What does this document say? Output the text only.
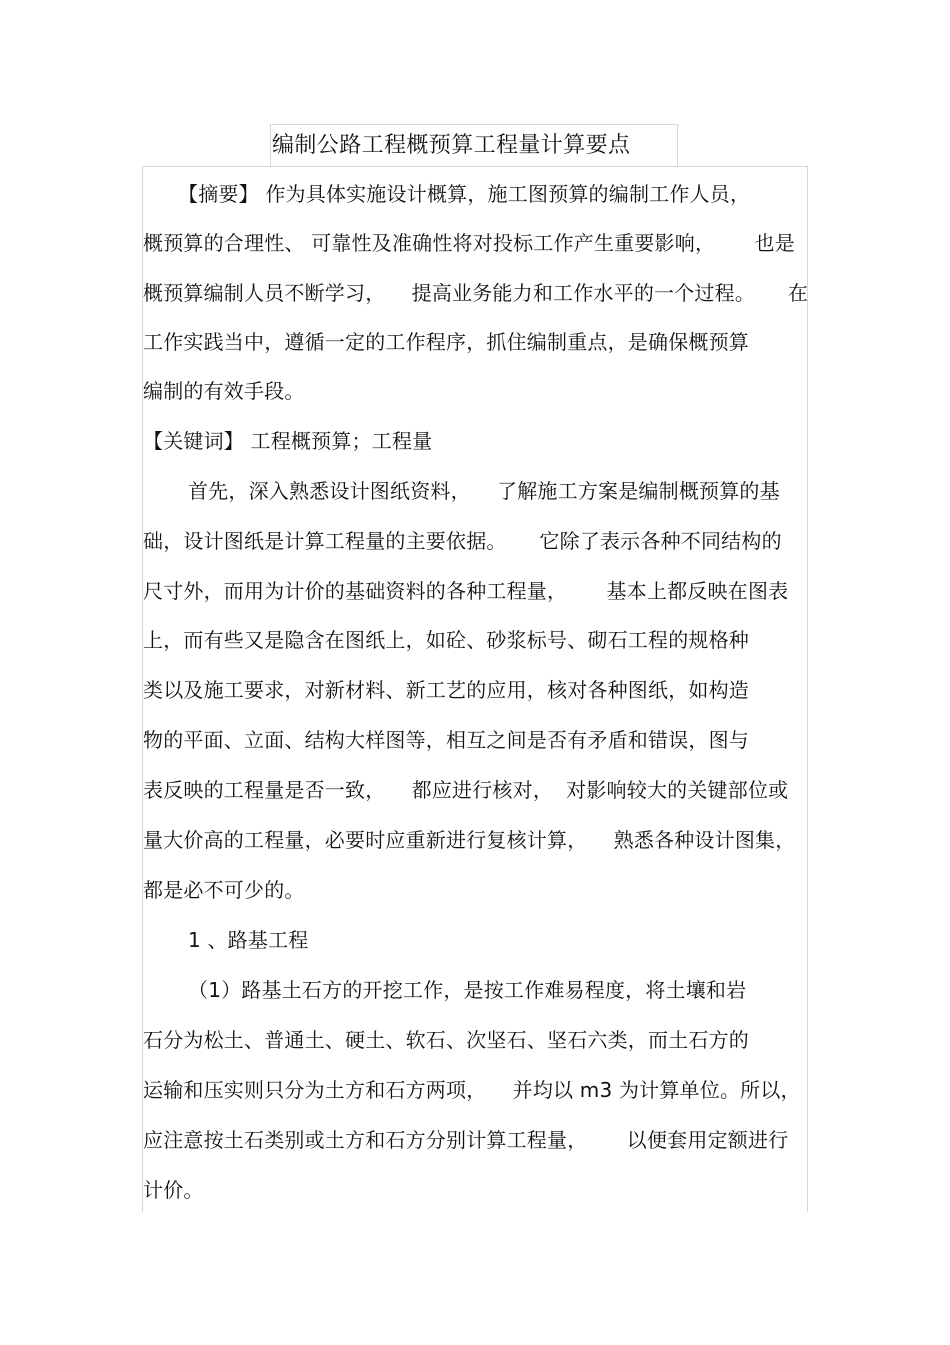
编制公路工程概预算工程量计算要点
【摘要】 作为具体实施设计概算，施工图预算的编制工作人员，
概预算的合理性、 可靠性及准确性将对投标工作产生重要影响，      也是
概预算编制人员不断学习，    提高业务能力和工作水平的一个过程。     在
工作实践当中，遵循一定的工作程序，抓住编制重点，是确保概预算
编制的有效手段。
【关键词】 工程概预算；工程量
首先，深入熟悉设计图纸资料，    了解施工方案是编制概预算的基
础，设计图纸是计算工程量的主要依据。     它除了表示各种不同结构的
尺寸外，而用为计价的基础资料的各种工程量，      基本上都反映在图表
上，而有些又是隐含在图纸上，如砼、砂浆标号、砌石工程的规格种
类以及施工要求，对新材料、新工艺的应用，核对各种图纸，如构造
物的平面、立面、结构大样图等，相互之间是否有矛盾和错误，图与
表反映的工程量是否一致，    都应进行核对，  对影响较大的关键部位或
量大价高的工程量，必要时应重新进行复核计算，    熟悉各种设计图集，
都是必不可少的。
1 、路基工程
（1）路基土石方的开挖工作，是按工作难易程度，将土壤和岩
石分为松土、普通土、硬土、软石、次坚石、坚石六类，而土石方的
运输和压实则只分为土方和石方两项，    并均以 m3 为计算单位。所以，
应注意按土石类别或土方和石方分别计算工程量，      以便套用定额进行
计价。
